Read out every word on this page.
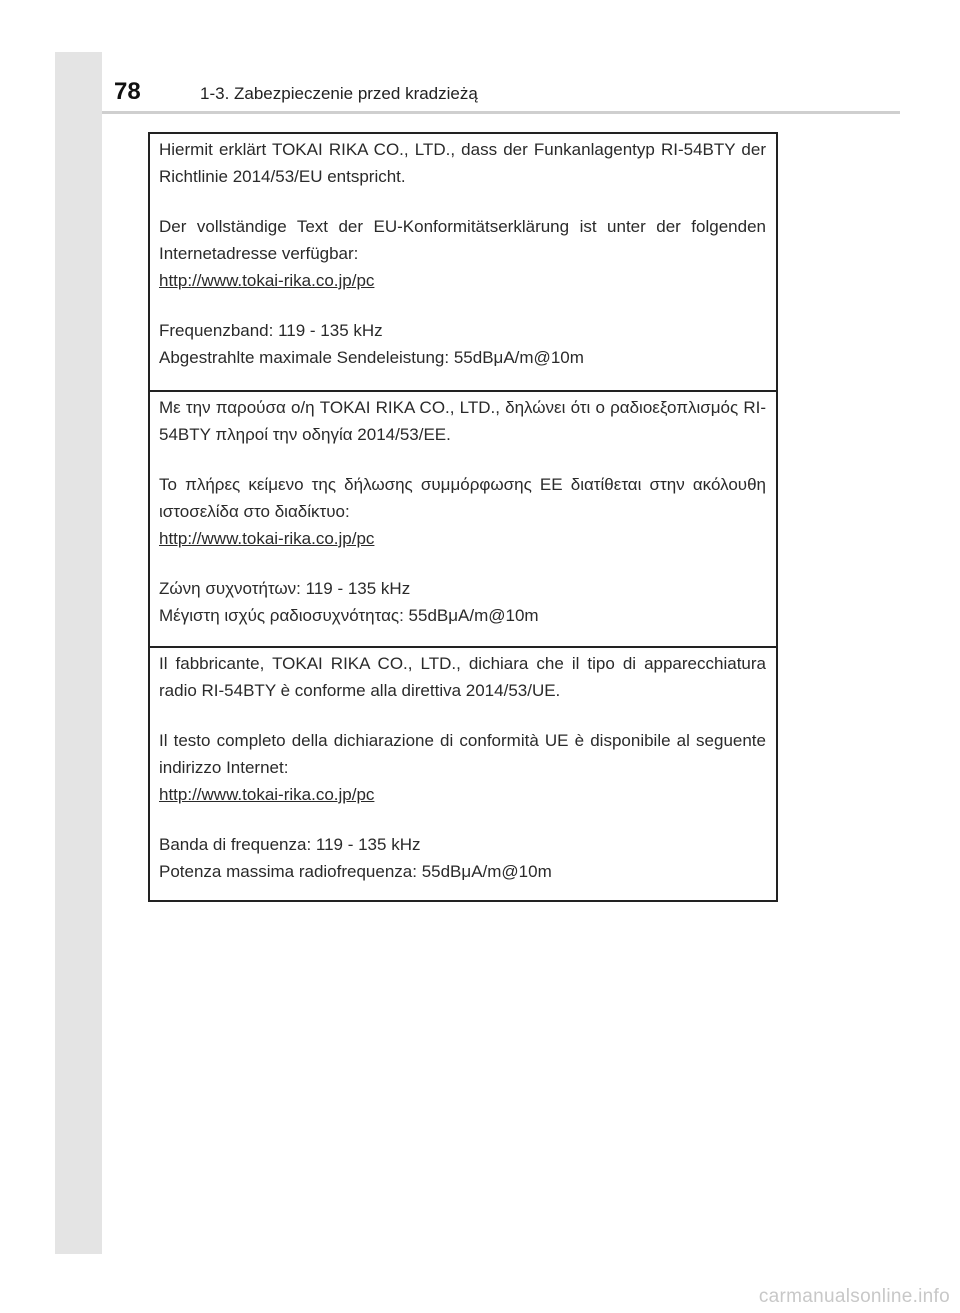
78	1-3. Zabezpieczenie przed kradzieżą

Hiermit erklärt TOKAI RIKA CO., LTD., dass der Funkanlagentyp RI-54BTY der Richtlinie 2014/53/EU entspricht.

Der vollständige Text der EU-Konformitätserklärung ist unter der folgenden Internetadresse verfügbar:

http://www.tokai-rika.co.jp/pc
Frequenzband: 119 - 135 kHz
Abgestrahlte maximale Sendeleistung: 55dBμA/m@10m

Με την παρούσα ο/η TOKAI RIKA CO., LTD., δηλώνει ότι ο ραδιοεξοπλισμός RI-54BTY πληροί την οδηγία 2014/53/ΕΕ.

Το πλήρες κείμενο της δήλωσης συμμόρφωσης ΕΕ διατίθεται στην ακόλουθη ιστοσελίδα στο διαδίκτυο:

http://www.tokai-rika.co.jp/pc
Ζώνη συχνοτήτων: 119 - 135 kHz
Μέγιστη ισχύς ραδιοσυχνότητας: 55dBμA/m@10m

Il fabbricante, TOKAI RIKA CO., LTD., dichiara che il tipo di apparecchiatura radio RI-54BTY è conforme alla direttiva 2014/53/UE.

Il testo completo della dichiarazione di conformità UE è disponibile al seguente indirizzo Internet:

http://www.tokai-rika.co.jp/pc
Banda di frequenza: 119 - 135 kHz
Potenza massima radiofrequenza: 55dBμA/m@10m
carmanualsonline.info
